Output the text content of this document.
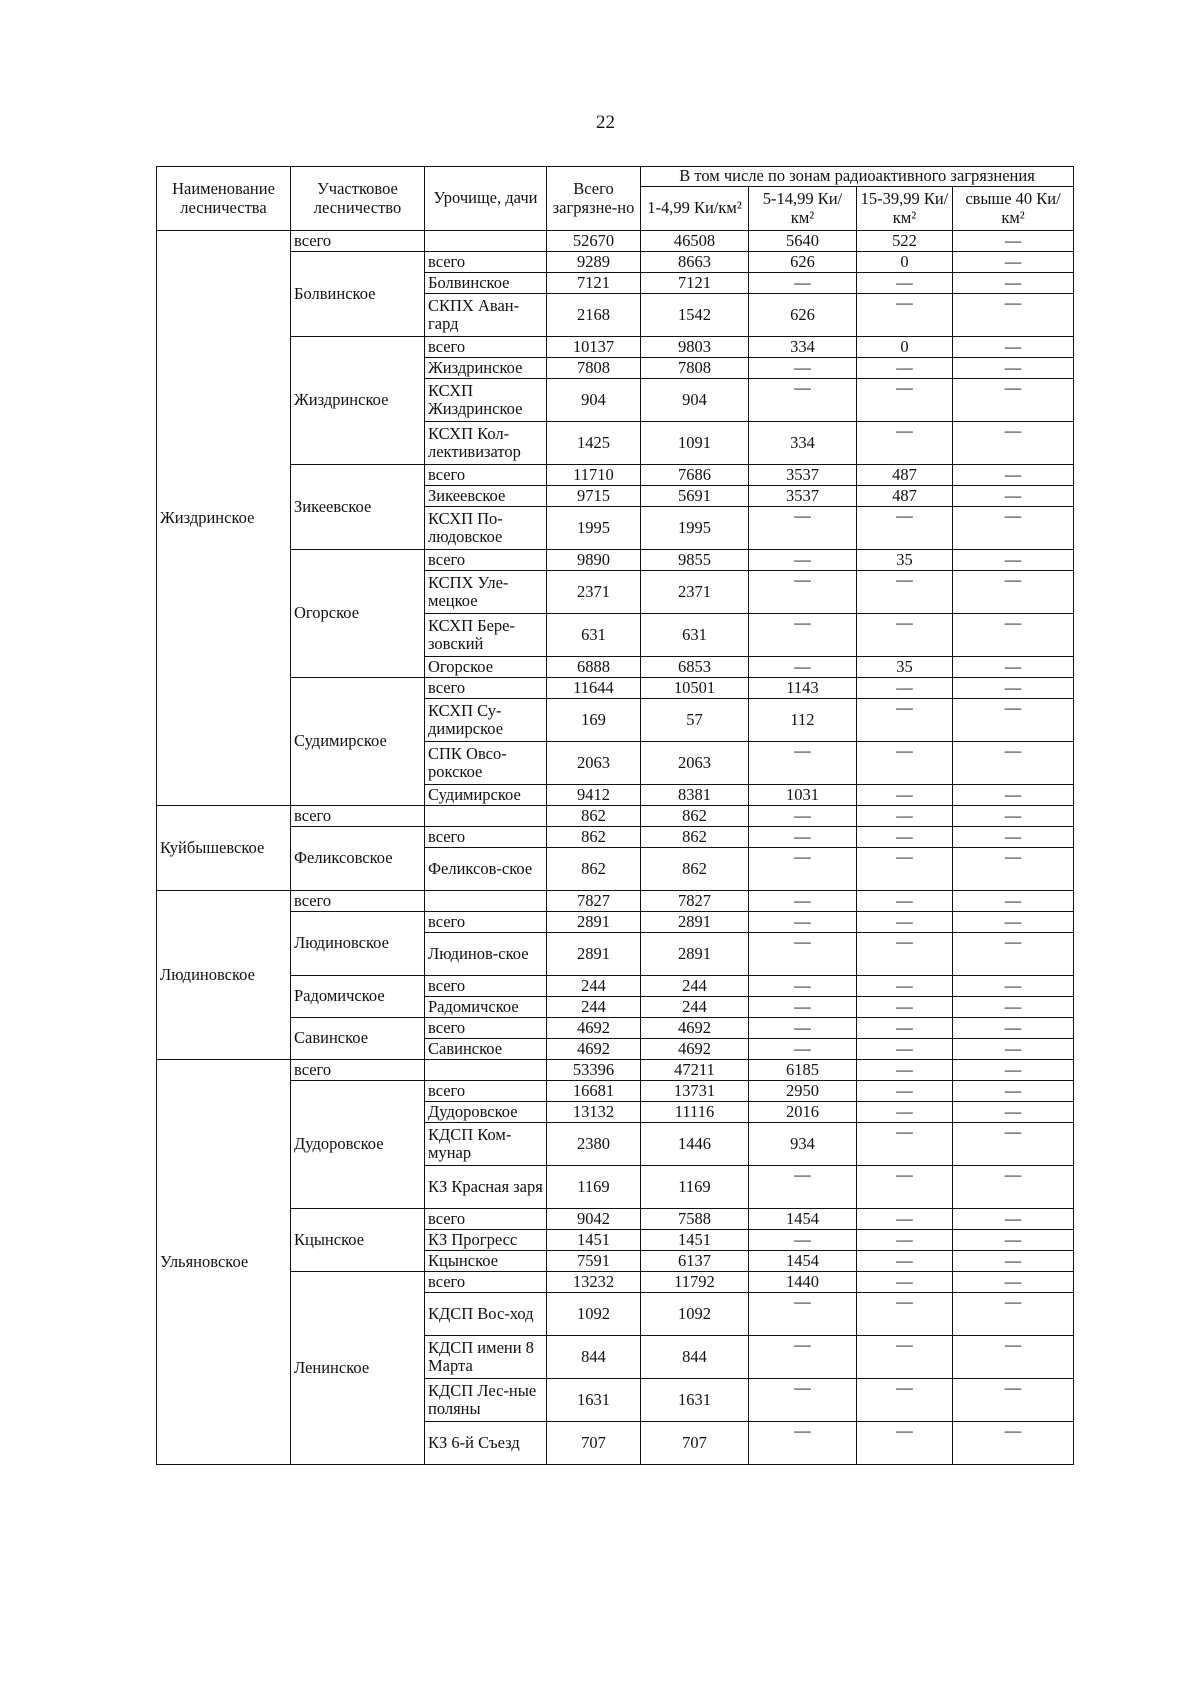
22
Наименование лесничества	Участковое лесничество	Урочище, дачи	Всего загрязне-но	В том числе по зонам радиоактивного загрязнения			
				1-4,99 Ки/км²	5-14,99 Ки/км²	15-39,99 Ки/км²	свыше 40 Ки/км²
Жиздринское	всего		52670	46508	5640	522	—
	Болвинское	всего	9289	8663	626	0	—
		Болвинское	7121	7121	—	—	—
		СКПХ Аван-гард	2168	1542	626	—	—
	Жиздринское	всего	10137	9803	334	0	—
		Жиздринское	7808	7808	—	—	—
		КСХП Жиздринское	904	904	—	—	—
		КСХП Кол-лективизатор	1425	1091	334	—	—
	Зикеевское	всего	11710	7686	3537	487	—
		Зикеевское	9715	5691	3537	487	—
		КСХП По-людовское	1995	1995	—	—	—
	Огорское	всего	9890	9855	—	35	—
		КСПХ Уле-мецкое	2371	2371	—	—	—
		КСХП Бере-зовский	631	631	—	—	—
		Огорское	6888	6853	—	35	—
	Судимирское	всего	11644	10501	1143	—	—
		КСХП Су-димирское	169	57	112	—	—
		СПК Овсо-рокское	2063	2063	—	—	—
		Судимирское	9412	8381	1031	—	—
Куйбышевское	всего		862	862	—	—	—
	Феликсовское	всего	862	862	—	—	—
		Феликсов-ское	862	862	—	—	—
Людиновское	всего		7827	7827	—	—	—
	Людиновское	всего	2891	2891	—	—	—
		Людинов-ское	2891	2891	—	—	—
	Радомичское	всего	244	244	—	—	—
		Радомичское	244	244	—	—	—
	Савинское	всего	4692	4692	—	—	—
		Савинское	4692	4692	—	—	—
Ульяновское	всего		53396	47211	6185	—	—
	Дудоровское	всего	16681	13731	2950	—	—
		Дудоровское	13132	11116	2016	—	—
		КДСП Ком-мунар	2380	1446	934	—	—
		КЗ Красная заря	1169	1169	—	—	—
	Кцынское	всего	9042	7588	1454	—	—
		КЗ Прогресс	1451	1451	—	—	—
		Кцынское	7591	6137	1454	—	—
	Ленинское	всего	13232	11792	1440	—	—
		КДСП Вос-ход	1092	1092	—	—	—
		КДСП имени 8 Марта	844	844	—	—	—
		КДСП Лес-ные поляны	1631	1631	—	—	—
		КЗ 6-й Съезд	707	707	—	—	—
